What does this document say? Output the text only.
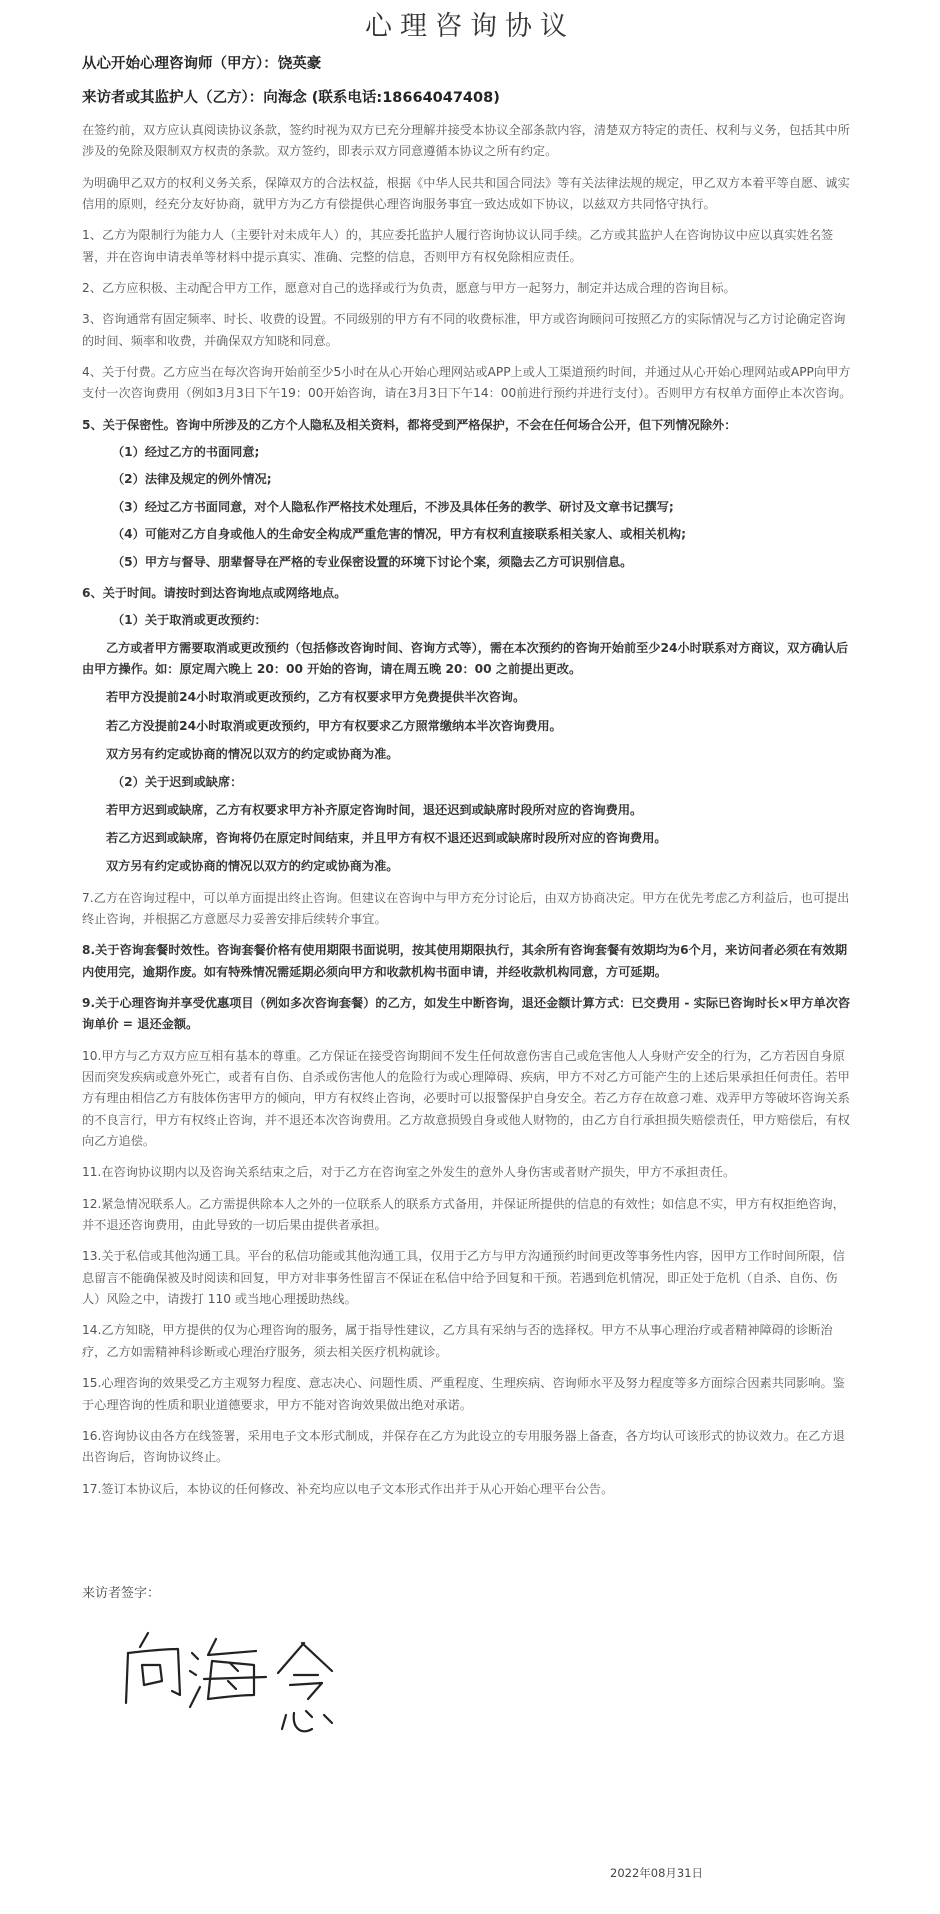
心理咨询协议
从心开始心理咨询师（甲方）：饶英豪
来访者或其监护人（乙方）：向海念 (联系电话:18664047408)

在签约前，双方应认真阅读协议条款，签约时视为双方已充分理解并接受本协议全部条款内容，清楚双方特定的责任、权利与义务，包括其中所涉及的免除及限制双方权责的条款。双方签约，即表示双方同意遵循本协议之所有约定。

为明确甲乙双方的权利义务关系，保障双方的合法权益，根据《中华人民共和国合同法》等有关法律法规的规定，甲乙双方本着平等自愿、诚实信用的原则，经充分友好协商，就甲方为乙方有偿提供心理咨询服务事宜一致达成如下协议，以兹双方共同恪守执行。

1、乙方为限制行为能力人（主要针对未成年人）的，其应委托监护人履行咨询协议认同手续。乙方或其监护人在咨询协议中应以真实姓名签署，并在咨询申请表单等材料中提示真实、准确、完整的信息，否则甲方有权免除相应责任。

2、乙方应积极、主动配合甲方工作，愿意对自己的选择或行为负责，愿意与甲方一起努力，制定并达成合理的咨询目标。

3、咨询通常有固定频率、时长、收费的设置。不同级别的甲方有不同的收费标准，甲方或咨询顾问可按照乙方的实际情况与乙方讨论确定咨询的时间、频率和收费，并确保双方知晓和同意。

4、关于付费。乙方应当在每次咨询开始前至少5小时在从心开始心理网站或APP上或人工渠道预约时间，并通过从心开始心理网站或APP向甲方支付一次咨询费用（例如3月3日下午19：00开始咨询，请在3月3日下午14：00前进行预约并进行支付）。否则甲方有权单方面停止本次咨询。

5、关于保密性。咨询中所涉及的乙方个人隐私及相关资料，都将受到严格保护，不会在任何场合公开，但下列情况除外：

（1）经过乙方的书面同意;

（2）法律及规定的例外情况;

（3）经过乙方书面同意，对个人隐私作严格技术处理后，不涉及具体任务的教学、研讨及文章书记撰写;

（4）可能对乙方自身或他人的生命安全构成严重危害的情况，甲方有权利直接联系相关家人、或相关机构;

（5）甲方与督导、朋辈督导在严格的专业保密设置的环境下讨论个案，须隐去乙方可识别信息。

6、关于时间。请按时到达咨询地点或网络地点。

（1）关于取消或更改预约：

乙方或者甲方需要取消或更改预约（包括修改咨询时间、咨询方式等），需在本次预约的咨询开始前至少24小时联系对方商议，双方确认后由甲方操作。如：原定周六晚上 20：00 开始的咨询，请在周五晚 20：00 之前提出更改。

若甲方没提前24小时取消或更改预约，乙方有权要求甲方免费提供半次咨询。

若乙方没提前24小时取消或更改预约，甲方有权要求乙方照常缴纳本半次咨询费用。

双方另有约定或协商的情况以双方的约定或协商为准。

（2）关于迟到或缺席：

若甲方迟到或缺席，乙方有权要求甲方补齐原定咨询时间，退还迟到或缺席时段所对应的咨询费用。

若乙方迟到或缺席，咨询将仍在原定时间结束，并且甲方有权不退还迟到或缺席时段所对应的咨询费用。

双方另有约定或协商的情况以双方的约定或协商为准。

7.乙方在咨询过程中，可以单方面提出终止咨询。但建议在咨询中与甲方充分讨论后，由双方协商决定。甲方在优先考虑乙方利益后，也可提出终止咨询，并根据乙方意愿尽力妥善安排后续转介事宜。

8.关于咨询套餐时效性。咨询套餐价格有使用期限书面说明，按其使用期限执行，其余所有咨询套餐有效期均为6个月，来访问者必须在有效期内使用完，逾期作废。如有特殊情况需延期必须向甲方和收款机构书面申请，并经收款机构同意，方可延期。

9.关于心理咨询并享受优惠项目（例如多次咨询套餐）的乙方，如发生中断咨询，退还金额计算方式：已交费用 - 实际已咨询时长×甲方单次咨询单价 = 退还金额。

10.甲方与乙方双方应互相有基本的尊重。乙方保证在接受咨询期间不发生任何故意伤害自己或危害他人人身财产安全的行为，乙方若因自身原因而突发疾病或意外死亡，或者有自伤、自杀或伤害他人的危险行为或心理障碍、疾病，甲方不对乙方可能产生的上述后果承担任何责任。若甲方有理由相信乙方有肢体伤害甲方的倾向，甲方有权终止咨询，必要时可以报警保护自身安全。若乙方存在故意刁难、戏弄甲方等破坏咨询关系的不良言行，甲方有权终止咨询，并不退还本次咨询费用。乙方故意损毁自身或他人财物的，由乙方自行承担损失赔偿责任，甲方赔偿后，有权向乙方追偿。

11.在咨询协议期内以及咨询关系结束之后，对于乙方在咨询室之外发生的意外人身伤害或者财产损失，甲方不承担责任。

12.紧急情况联系人。乙方需提供除本人之外的一位联系人的联系方式备用，并保证所提供的信息的有效性；如信息不实，甲方有权拒绝咨询，并不退还咨询费用，由此导致的一切后果由提供者承担。

13.关于私信或其他沟通工具。平台的私信功能或其他沟通工具，仅用于乙方与甲方沟通预约时间更改等事务性内容，因甲方工作时间所限，信息留言不能确保被及时阅读和回复，甲方对非事务性留言不保证在私信中给予回复和干预。若遇到危机情况，即正处于危机（自杀、自伤、伤人）风险之中，请拨打 110 或当地心理援助热线。

14.乙方知晓，甲方提供的仅为心理咨询的服务，属于指导性建议，乙方具有采纳与否的选择权。甲方不从事心理治疗或者精神障碍的诊断治疗，乙方如需精神科诊断或心理治疗服务，须去相关医疗机构就诊。

15.心理咨询的效果受乙方主观努力程度、意志决心、问题性质、严重程度、生理疾病、咨询师水平及努力程度等多方面综合因素共同影响。鉴于心理咨询的性质和职业道德要求，甲方不能对咨询效果做出绝对承诺。

16.咨询协议由各方在线签署，采用电子文本形式制成，并保存在乙方为此设立的专用服务器上备查，各方均认可该形式的协议效力。在乙方退出咨询后，咨询协议终止。

17.签订本协议后，本协议的任何修改、补充均应以电子文本形式作出并于从心开始心理平台公告。

来访者签字：
2022年08月31日
